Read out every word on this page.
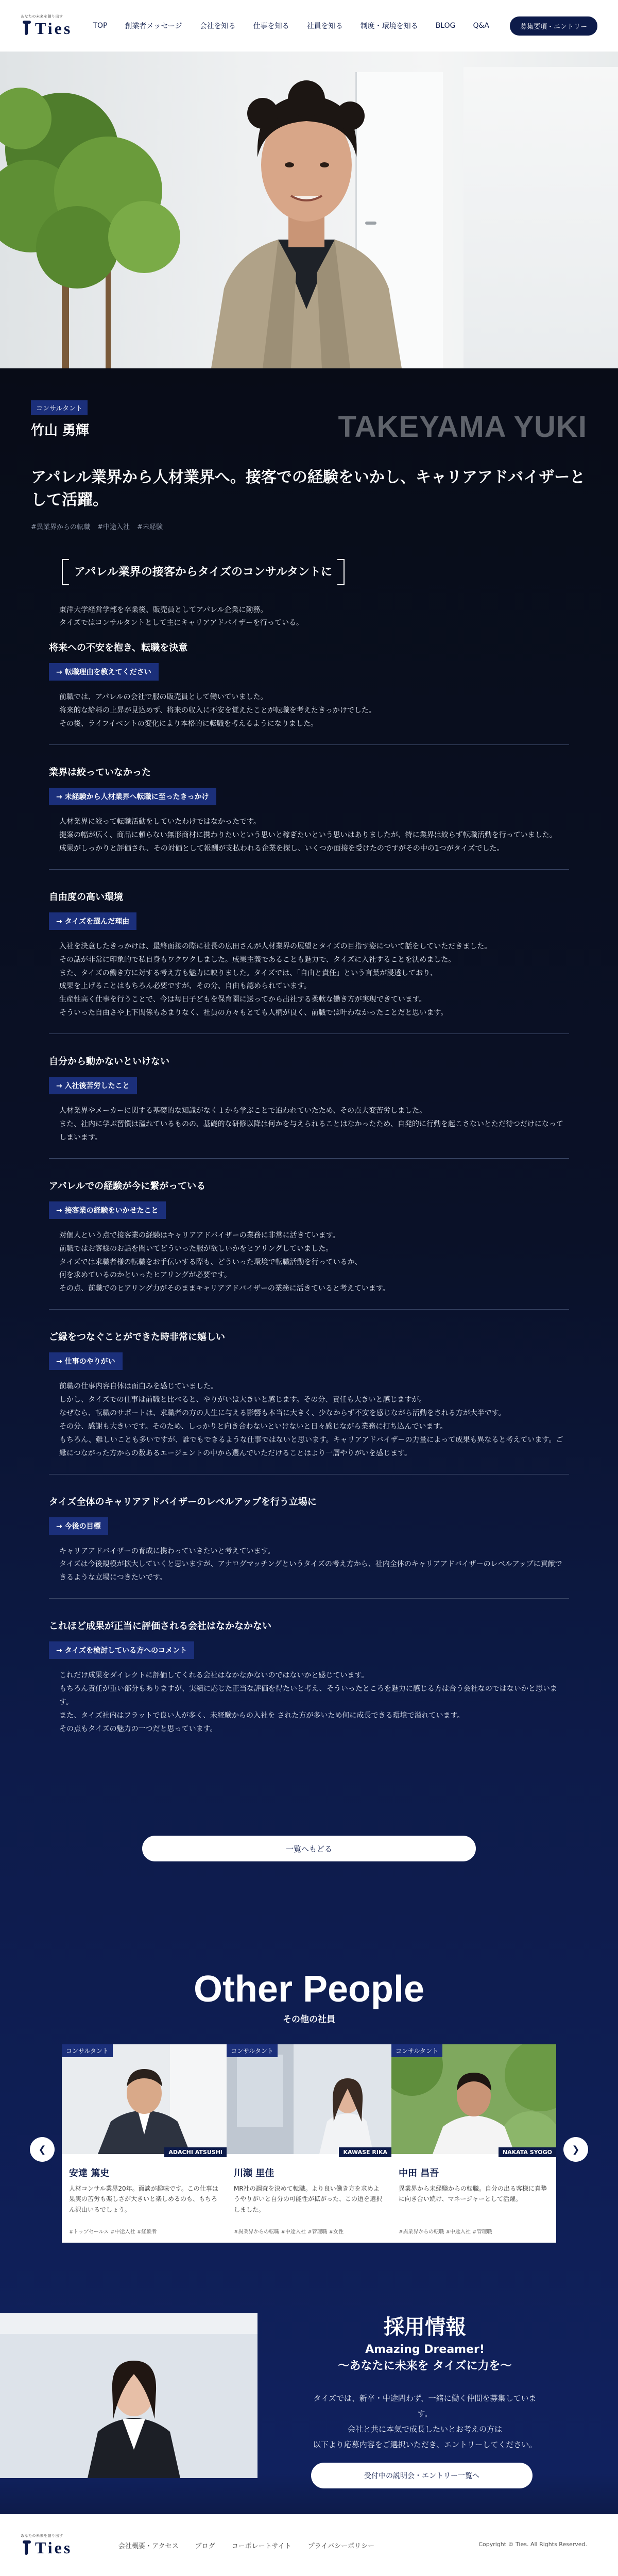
あなたの未来を創り出す
Ties	TOP 創業者メッセージ 会社を知る 仕事を知る 社員を知る 制度・環境を知る BLOG Q&A	募集要項・エントリー
コンサルタント
竹山 勇輝	TAKEYAMA YUKI
アパレル業界から人材業界へ。接客での経験をいかし、キャリアアドバイザーとして活躍。
#異業界からの転職 #中途入社 #未経験
アパレル業界の接客からタイズのコンサルタントに

東洋大学経営学部を卒業後、販売員としてアパレル企業に勤務。
タイズではコンサルタントとして主にキャリアアドバイザーを行っている。

将来への不安を抱き、転職を決意
→ 転職理由を教えてください

前職では、アパレルの会社で服の販売員として働いていました。
将来的な給料の上昇が見込めず、将来の収入に不安を覚えたことが転職を考えたきっかけでした。
その後、ライフイベントの変化により本格的に転職を考えるようになりました。

業界は絞っていなかった
→ 未経験から人材業界へ転職に至ったきっかけ

人材業界に絞って転職活動をしていたわけではなかったです。
提案の幅が広く、商品に頼らない無形商材に携わりたいという思いと稼ぎたいという思いはありましたが、特に業界は絞らず転職活動を行っていました。
成果がしっかりと評価され、その対価として報酬が支払われる企業を探し、いくつか面接を受けたのですがその中の1つがタイズでした。

自由度の高い環境
→ タイズを選んだ理由

入社を決意したきっかけは、最終面接の際に社長の広田さんが人材業界の展望とタイズの目指す姿について話をしていただきました。
その話が非常に印象的で私自身もワクワクしました。成果主義であることも魅力で、タイズに入社することを決めました。
また、タイズの働き方に対する考え方も魅力に映りました。タイズでは、「自由と責任」という言葉が浸透しており、
成果を上げることはもちろん必要ですが、その分、自由も認められています。
生産性高く仕事を行うことで、今は毎日子どもを保育園に送ってから出社する柔軟な働き方が実現できています。
そういった自由さや上下関係もあまりなく、社員の方々もとても人柄が良く、前職では叶わなかったことだと思います。

自分から動かないといけない
→ 入社後苦労したこと

人材業界やメーカーに関する基礎的な知識がなく１から学ぶことで追われていたため、その点大変苦労しました。
また、社内に学ぶ習慣は溢れているものの、基礎的な研修以降は何かを与えられることはなかったため、自発的に行動を起こさないとただ待つだけになってしまいます。

アパレルでの経験が今に繋がっている
→ 接客業の経験をいかせたこと

対個人という点で接客業の経験はキャリアアドバイザーの業務に非常に活きています。
前職ではお客様のお話を聞いてどういった服が欲しいかをヒアリングしていました。
タイズでは求職者様の転職をお手伝いする際も、どういった環境で転職活動を行っているか、
何を求めているのかといったヒアリングが必要です。
その点、前職でのヒアリング力がそのままキャリアアドバイザーの業務に活きていると考えています。

ご縁をつなぐことができた時非常に嬉しい
→ 仕事のやりがい

前職の仕事内容自体は面白みを感じていました。
しかし、タイズでの仕事は前職と比べると、やりがいは大きいと感じます。その分、責任も大きいと感じますが。
なぜなら、転職のサポートは、求職者の方の人生に与える影響も本当に大きく、少なからず不安を感じながら活動をされる方が大半です。
その分、感謝も大きいです。そのため、しっかりと向き合わないといけないと日々感じながら業務に打ち込んでいます。
もちろん、難しいことも多いですが、誰でもできるような仕事ではないと思います。キャリアアドバイザーの力量によって成果も異なると考えています。ご縁につながった方からの数あるエージェントの中から選んでいただけることはより一層やりがいを感じます。

タイズ全体のキャリアアドバイザーのレベルアップを行う立場に
→ 今後の目標

キャリアアドバイザーの育成に携わっていきたいと考えています。
タイズは今後規模が拡大していくと思いますが、アナログマッチングというタイズの考え方から、社内全体のキャリアアドバイザーのレベルアップに貢献できるような立場につきたいです。

これほど成果が正当に評価される会社はなかなかない
→ タイズを検討している方へのコメント

これだけ成果をダイレクトに評価してくれる会社はなかなかないのではないかと感じています。
もちろん責任が重い部分もありますが、実績に応じた正当な評価を得たいと考え、そういったところを魅力に感じる方は合う会社なのではないかと思います。
また、タイズ社内はフラットで良い人が多く、未経験からの入社を された方が多いため何に成長できる環境で溢れています。
その点もタイズの魅力の一つだと思っています。

一覧へもどる
Other People
その他の社員
❮	❯
コンサルタント
ADACHI ATSUSHI
安達 篤史
人材コンサル業界20年。面談が趣味です。この仕事は果実の苦労も楽しさが大きいと楽しめるのも、もちろん沢山いるでしょう。
#トップセールス #中途入社 #経験者
コンサルタント
KAWASE RIKA
川瀬 里佳
MR社の調査を決めて転職。より良い働き方を求めようやりがいと自分の可能性が拡がった、この道を選択しました。
#異業界からの転職 #中途入社 #管理職 #女性
コンサルタント
NAKATA SYOGO
中田 昌吾
異業界から未経験からの転職。自分の出る客様に真摯に向き合い続け、マネージャーとして活躍。
#異業界からの転職 #中途入社 #管理職
採用情報
Amazing Dreamer!
〜あなたに未来を タイズに力を〜
タイズでは、新卒・中途問わず、一緒に働く仲間を募集しています。
会社と共に本気で成長したいとお考えの方は
以下より応募内容をご選択いただき、エントリーしてください。
受付中の説明会・エントリー一覧へ
あなたの未来を創り出す
Ties	会社概要・アクセス ブログ コーポレートサイト プライバシーポリシー	Copyright © Ties. All Rights Reserved.
